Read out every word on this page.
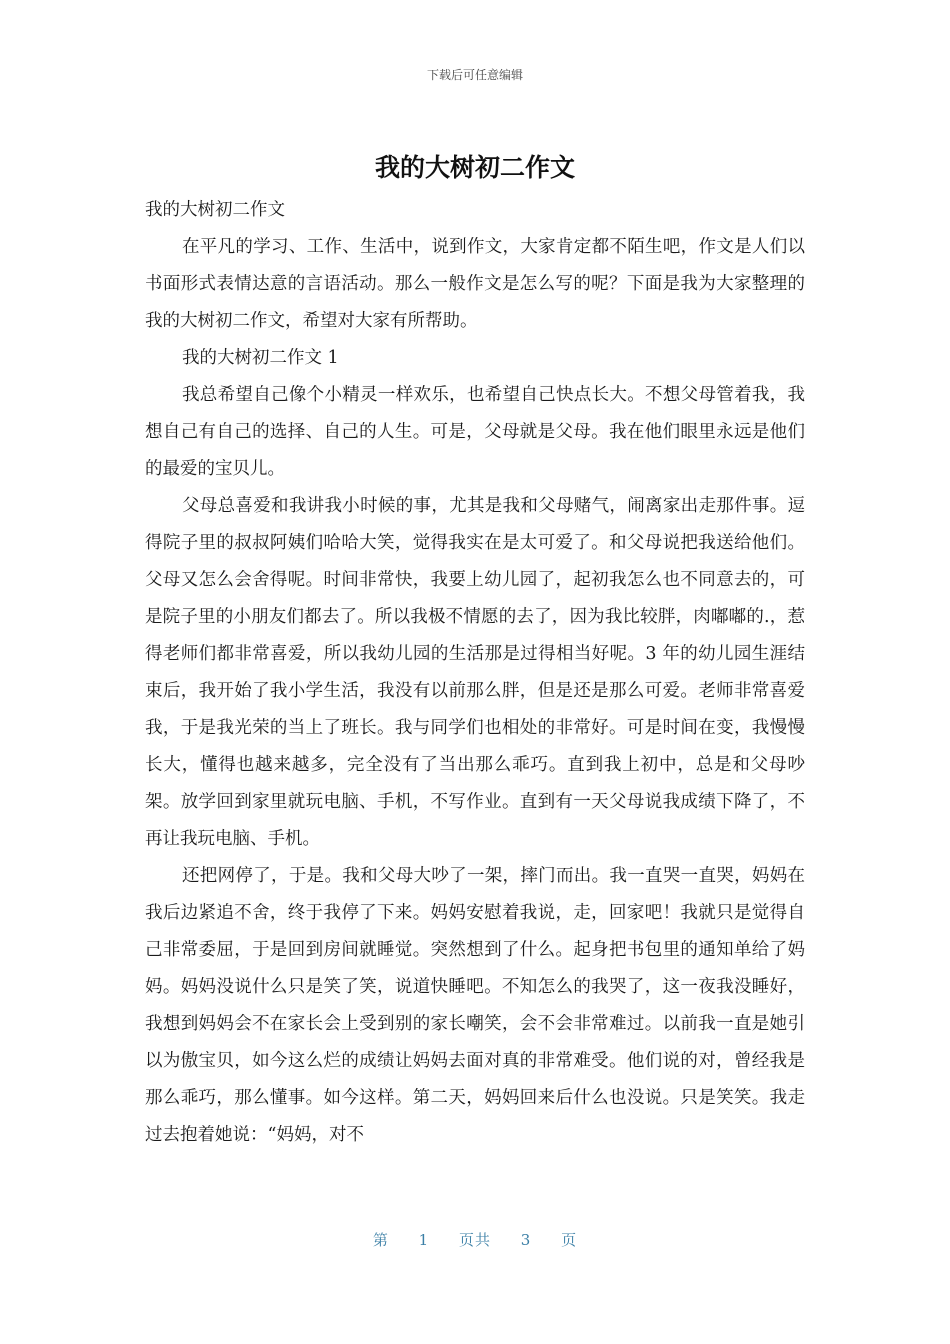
下载后可任意编辑
我的大树初二作文

我的大树初二作文

在平凡的学习、工作、生活中，说到作文，大家肯定都不陌生吧，作文是人们以书面形式表情达意的言语活动。那么一般作文是怎么写的呢？下面是我为大家整理的我的大树初二作文，希望对大家有所帮助。

我的大树初二作文 1

我总希望自己像个小精灵一样欢乐，也希望自己快点长大。不想父母管着我，我想自己有自己的选择、自己的人生。可是，父母就是父母。我在他们眼里永远是他们的最爱的宝贝儿。

父母总喜爱和我讲我小时候的事，尤其是我和父母赌气，闹离家出走那件事。逗得院子里的叔叔阿姨们哈哈大笑，觉得我实在是太可爱了。和父母说把我送给他们。父母又怎么会舍得呢。时间非常快，我要上幼儿园了，起初我怎么也不同意去的，可是院子里的小朋友们都去了。所以我极不情愿的去了，因为我比较胖，肉嘟嘟的.，惹得老师们都非常喜爱，所以我幼儿园的生活那是过得相当好呢。3 年的幼儿园生涯结束后，我开始了我小学生活，我没有以前那么胖，但是还是那么可爱。老师非常喜爱我，于是我光荣的当上了班长。我与同学们也相处的非常好。可是时间在变，我慢慢长大，懂得也越来越多，完全没有了当出那么乖巧。直到我上初中，总是和父母吵架。放学回到家里就玩电脑、手机，不写作业。直到有一天父母说我成绩下降了，不再让我玩电脑、手机。

还把网停了，于是。我和父母大吵了一架，摔门而出。我一直哭一直哭，妈妈在我后边紧追不舍，终于我停了下来。妈妈安慰着我说，走，回家吧！我就只是觉得自己非常委屈，于是回到房间就睡觉。突然想到了什么。起身把书包里的通知单给了妈妈。妈妈没说什么只是笑了笑，说道快睡吧。不知怎么的我哭了，这一夜我没睡好，我想到妈妈会不在家长会上受到别的家长嘲笑，会不会非常难过。以前我一直是她引以为傲宝贝，如今这么烂的成绩让妈妈去面对真的非常难受。他们说的对，曾经我是那么乖巧，那么懂事。如今这样。第二天，妈妈回来后什么也没说。只是笑笑。我走过去抱着她说：“妈妈，对不

第 1 页共 3 页
